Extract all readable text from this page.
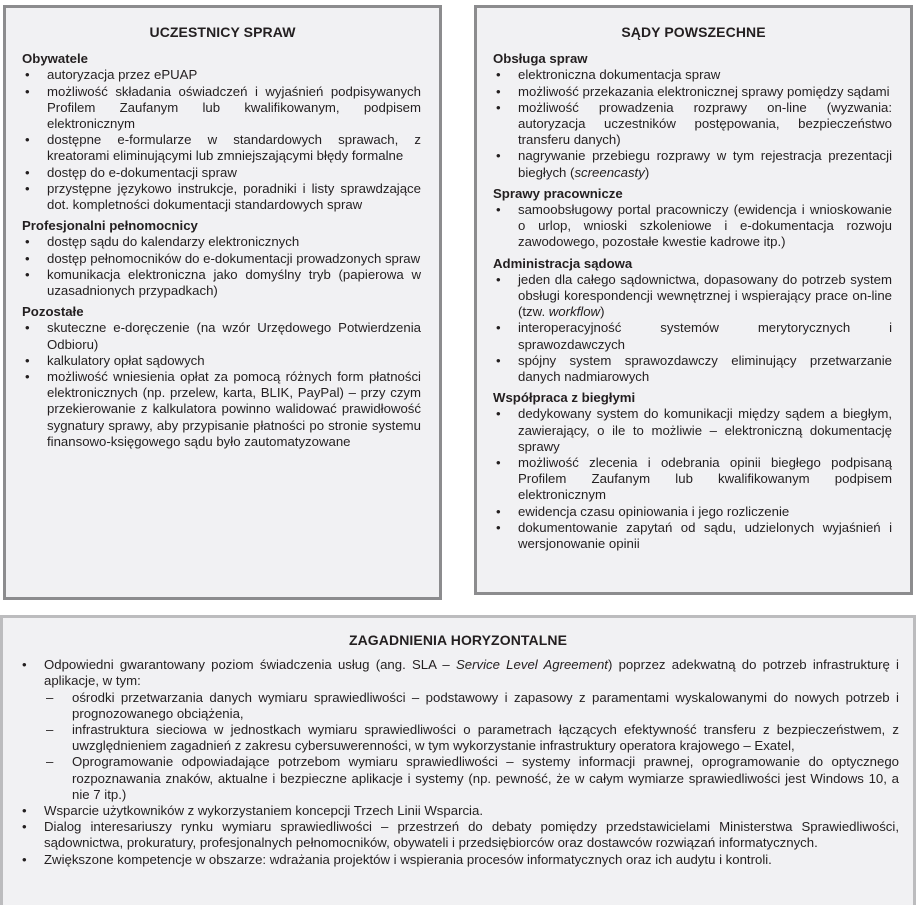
UCZESTNICY SPRAW
Obywatele
• autoryzacja przez ePUAP
• możliwość składania oświadczeń i wyjaśnień podpisywanych Profilem Zaufanym lub kwalifikowanym, podpisem elektronicznym
• dostępne e-formularze w standardowych sprawach, z kreatorami eliminującymi lub zmniejszającymi błędy formalne
• dostęp do e-dokumentacji spraw
• przystępne językowo instrukcje, poradniki i listy sprawdzające dot. kompletności dokumentacji standardowych spraw
Profesjonalni pełnomocnicy
• dostęp sądu do kalendarzy elektronicznych
• dostęp pełnomocników do e-dokumentacji prowadzonych spraw
• komunikacja elektroniczna jako domyślny tryb (papierowa w uzasadnionych przypadkach)
Pozostałe
• skuteczne e-doręczenie (na wzór Urzędowego Potwierdzenia Odbioru)
• kalkulatory opłat sądowych
• możliwość wniesienia opłat za pomocą różnych form płatności elektronicznych (np. przelew, karta, BLIK, PayPal) – przy czym przekierowanie z kalkulatora powinno walidować prawidłowość sygnatury sprawy, aby przypisanie płatności po stronie systemu finansowo-księgowego sądu było zautomatyzowane
SĄDY POWSZECHNE
Obsługa spraw
• elektroniczna dokumentacja spraw
• możliwość przekazania elektronicznej sprawy pomiędzy sądami
• możliwość prowadzenia rozprawy on-line (wyzwania: autoryzacja uczestników postępowania, bezpieczeństwo transferu danych)
• nagrywanie przebiegu rozprawy w tym rejestracja prezentacji biegłych (screencasty)
Sprawy pracownicze
• samoobsługowy portal pracowniczy (ewidencja i wnioskowanie o urlop, wnioski szkoleniowe i e-dokumentacja rozwoju zawodowego, pozostałe kwestie kadrowe itp.)
Administracja sądowa
• jeden dla całego sądownictwa, dopasowany do potrzeb system obsługi korespondencji wewnętrznej i wspierający prace on-line (tzw. workflow)
• interoperacyjność systemów merytorycznych i sprawozdawczych
• spójny system sprawozdawczy eliminujący przetwarzanie danych nadmiarowych
Współpraca z biegłymi
• dedykowany system do komunikacji między sądem a biegłym, zawierający, o ile to możliwie – elektroniczną dokumentację sprawy
• możliwość zlecenia i odebrania opinii biegłego podpisaną Profilem Zaufanym lub kwalifikowanym podpisem elektronicznym
• ewidencja czasu opiniowania i jego rozliczenie
• dokumentowanie zapytań od sądu, udzielonych wyjaśnień i wersjonowanie opinii
ZAGADNIENIA HORYZONTALNE
• Odpowiedni gwarantowany poziom świadczenia usług (ang. SLA – Service Level Agreement) poprzez adekwatną do potrzeb infrastrukturę i aplikacje, w tym:
– ośrodki przetwarzania danych wymiaru sprawiedliwości – podstawowy i zapasowy z paramentami wyskalowanymi do nowych potrzeb i prognozowanego obciążenia,
– infrastruktura sieciowa w jednostkach wymiaru sprawiedliwości o parametrach łączących efektywność transferu z bezpieczeństwem, z uwzględnieniem zagadnień z zakresu cybersuwerenności, w tym wykorzystanie infrastruktury operatora krajowego – Exatel,
– Oprogramowanie odpowiadające potrzebom wymiaru sprawiedliwości – systemy informacji prawnej, oprogramowanie do optycznego rozpoznawania znaków, aktualne i bezpieczne aplikacje i systemy (np. pewność, że w całym wymiarze sprawiedliwości jest Windows 10, a nie 7 itp.)
• Wsparcie użytkowników z wykorzystaniem koncepcji Trzech Linii Wsparcia.
• Dialog interesariuszy rynku wymiaru sprawiedliwości – przestrzeń do debaty pomiędzy przedstawicielami Ministerstwa Sprawiedliwości, sądownictwa, prokuratury, profesjonalnych pełnomocników, obywateli i przedsiębiorców oraz dostawców rozwiązań informatycznych.
• Zwiększone kompetencje w obszarze: wdrażania projektów i wspierania procesów informatycznych oraz ich audytu i kontroli.
